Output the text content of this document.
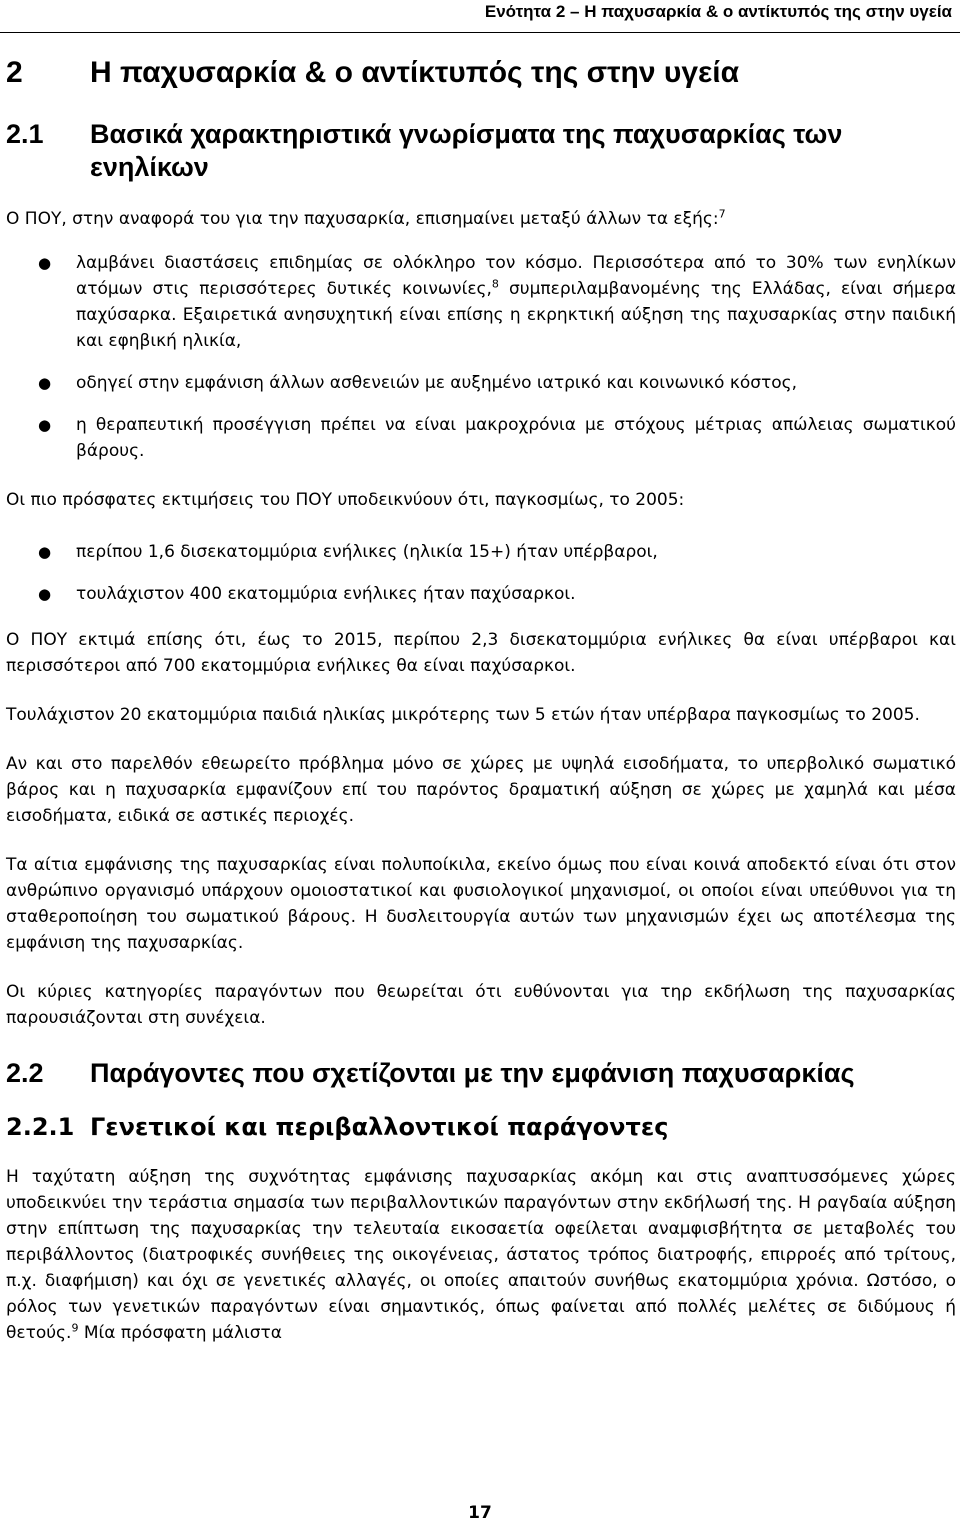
Ενότητα 2 – Η παχυσαρκία & ο αντίκτυπός της στην υγεία
2	Η παχυσαρκία & ο αντίκτυπός της στην υγεία
2.1	Βασικά χαρακτηριστικά γνωρίσματα της παχυσαρκίας των ενηλίκων

Ο ΠΟΥ, στην αναφορά του για την παχυσαρκία, επισημαίνει μεταξύ άλλων τα εξής:$^7$

● λαμβάνει διαστάσεις επιδημίας σε ολόκληρο τον κόσμο. Περισσότερα από το 30% των ενηλίκων ατόμων στις περισσότερες δυτικές κοινωνίες,$^8$ συμπεριλαμβανομένης της Ελλάδας, είναι σήμερα παχύσαρκα. Εξαιρετικά ανησυχητική είναι επίσης η εκρηκτική αύξηση της παχυσαρκίας στην παιδική και εφηβική ηλικία,
● οδηγεί στην εμφάνιση άλλων ασθενειών με αυξημένο ιατρικό και κοινωνικό κόστος,
● η θεραπευτική προσέγγιση πρέπει να είναι μακροχρόνια με στόχους μέτριας απώλειας σωματικού βάρους.

Οι πιο πρόσφατες εκτιμήσεις του ΠΟΥ υποδεικνύουν ότι, παγκοσμίως, το 2005:

● περίπου 1,6 δισεκατομμύρια ενήλικες (ηλικία 15+) ήταν υπέρβαροι,
● τουλάχιστον 400 εκατομμύρια ενήλικες ήταν παχύσαρκοι.

Ο ΠΟΥ εκτιμά επίσης ότι, έως το 2015, περίπου 2,3 δισεκατομμύρια ενήλικες θα είναι υπέρβαροι και περισσότεροι από 700 εκατομμύρια ενήλικες θα είναι παχύσαρκοι.

Τουλάχιστον 20 εκατομμύρια παιδιά ηλικίας μικρότερης των 5 ετών ήταν υπέρβαρα παγκοσμίως το 2005.

Αν και στο παρελθόν εθεωρείτο πρόβλημα μόνο σε χώρες με υψηλά εισοδήματα, το υπερβολικό σωματικό βάρος και η παχυσαρκία εμφανίζουν επί του παρόντος δραματική αύξηση σε χώρες με χαμηλά και μέσα εισοδήματα, ειδικά σε αστικές περιοχές.

Τα αίτια εμφάνισης της παχυσαρκίας είναι πολυποίκιλα, εκείνο όμως που είναι κοινά αποδεκτό είναι ότι στον ανθρώπινο οργανισμό υπάρχουν ομοιοστατικοί και φυσιολογικοί μηχανισμοί, οι οποίοι είναι υπεύθυνοι για τη σταθεροποίηση του σωματικού βάρους. Η δυσλειτουργία αυτών των μηχανισμών έχει ως αποτέλεσμα της εμφάνιση της παχυσαρκίας.

Οι κύριες κατηγορίες παραγόντων που θεωρείται ότι ευθύνονται για τηρ εκδήλωση της παχυσαρκίας παρουσιάζονται στη συνέχεια.

2.2	Παράγοντες που σχετίζονται με την εμφάνιση παχυσαρκίας
2.2.1 Γενετικοί και περιβαλλοντικοί παράγοντες

Η ταχύτατη αύξηση της συχνότητας εμφάνισης παχυσαρκίας ακόμη και στις αναπτυσσόμενες χώρες υποδεικνύει την τεράστια σημασία των περιβαλλοντικών παραγόντων στην εκδήλωσή της. Η ραγδαία αύξηση στην επίπτωση της παχυσαρκίας την τελευταία εικοσαετία οφείλεται αναμφισβήτητα σε μεταβολές του περιβάλλοντος (διατροφικές συνήθειες της οικογένειας, άστατος τρόπος διατροφής, επιρροές από τρίτους, π.χ. διαφήμιση) και όχι σε γενετικές αλλαγές, οι οποίες απαιτούν συνήθως εκατομμύρια χρόνια. Ωστόσο, ο ρόλος των γενετικών παραγόντων είναι σημαντικός, όπως φαίνεται από πολλές μελέτες σε διδύμους ή θετούς.$^9$ Μία πρόσφατη μάλιστα

17
